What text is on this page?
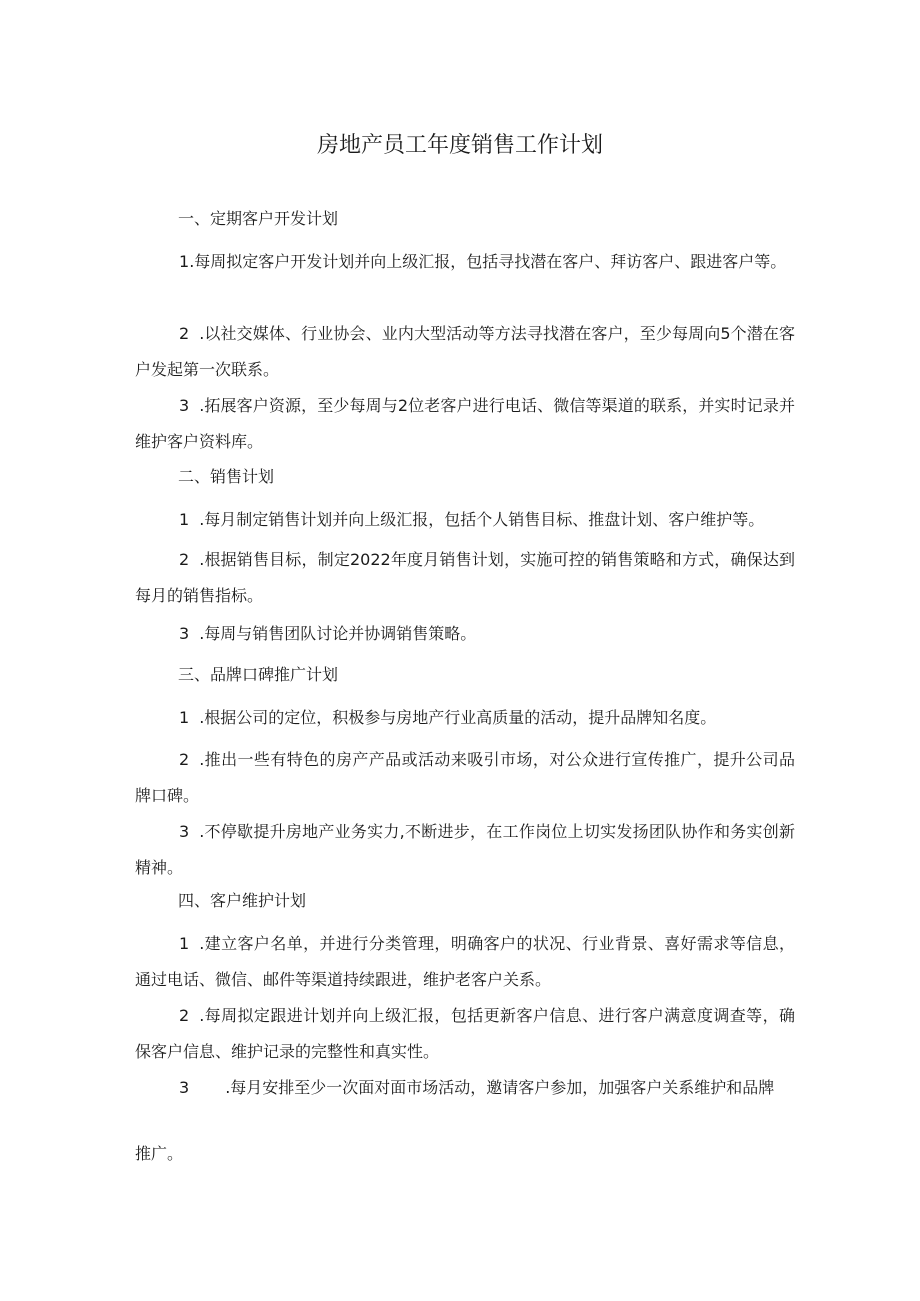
房地产员工年度销售工作计划
一、定期客户开发计划

1.每周拟定客户开发计划并向上级汇报，包括寻找潜在客户、拜访客户、跟进客户等。

2 .以社交媒体、行业协会、业内大型活动等方法寻找潜在客户，至少每周向5个潜在客户发起第一次联系。

3 .拓展客户资源，至少每周与2位老客户进行电话、微信等渠道的联系，并实时记录并维护客户资料库。

二、销售计划

1 .每月制定销售计划并向上级汇报，包括个人销售目标、推盘计划、客户维护等。

2 .根据销售目标，制定2022年度月销售计划，实施可控的销售策略和方式，确保达到每月的销售指标。

3 .每周与销售团队讨论并协调销售策略。

三、品牌口碑推广计划

1 .根据公司的定位，积极参与房地产行业高质量的活动，提升品牌知名度。

2 .推出一些有特色的房产产品或活动来吸引市场，对公众进行宣传推广，提升公司品牌口碑。

3 .不停歇提升房地产业务实力,不断进步，在工作岗位上切实发扬团队协作和务实创新精神。

四、客户维护计划

1 .建立客户名单，并进行分类管理，明确客户的状况、行业背景、喜好需求等信息，通过电话、微信、邮件等渠道持续跟进，维护老客户关系。

2 .每周拟定跟进计划并向上级汇报，包括更新客户信息、进行客户满意度调查等，确保客户信息、维护记录的完整性和真实性。

3 .每月安排至少一次面对面市场活动，邀请客户参加，加强客户关系维护和品牌

推广。
